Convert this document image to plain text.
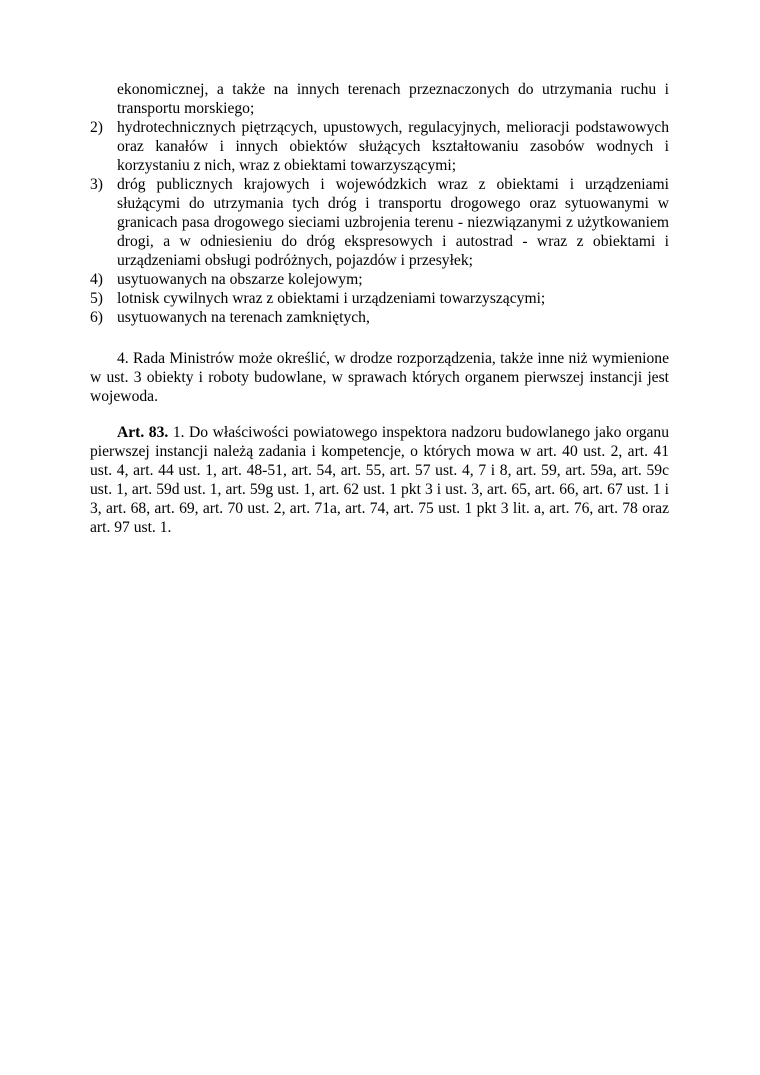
ekonomicznej, a także na innych terenach przeznaczonych do utrzymania ruchu i transportu morskiego;
2) hydrotechnicznych piętrzących, upustowych, regulacyjnych, melioracji podstawowych oraz kanałów i innych obiektów służących kształtowaniu zasobów wodnych i korzystaniu z nich, wraz z obiektami towarzyszącymi;
3) dróg publicznych krajowych i wojewódzkich wraz z obiektami i urządzeniami służącymi do utrzymania tych dróg i transportu drogowego oraz sytuowanymi w granicach pasa drogowego sieciami uzbrojenia terenu - niezwiązanymi z użytkowaniem drogi, a w odniesieniu do dróg ekspresowych i autostrad - wraz z obiektami i urządzeniami obsługi podróżnych, pojazdów i przesyłek;
4) usytuowanych na obszarze kolejowym;
5) lotnisk cywilnych wraz z obiektami i urządzeniami towarzyszącymi;
6) usytuowanych na terenach zamkniętych,

4. Rada Ministrów może określić, w drodze rozporządzenia, także inne niż wymienione w ust. 3 obiekty i roboty budowlane, w sprawach których organem pierwszej instancji jest wojewoda.

Art. 83. 1. Do właściwości powiatowego inspektora nadzoru budowlanego jako organu pierwszej instancji należą zadania i kompetencje, o których mowa w art. 40 ust. 2, art. 41 ust. 4, art. 44 ust. 1, art. 48-51, art. 54, art. 55, art. 57 ust. 4, 7 i 8, art. 59, art. 59a, art. 59c ust. 1, art. 59d ust. 1, art. 59g ust. 1, art. 62 ust. 1 pkt 3 i ust. 3, art. 65, art. 66, art. 67 ust. 1 i 3, art. 68, art. 69, art. 70 ust. 2, art. 71a, art. 74, art. 75 ust. 1 pkt 3 lit. a, art. 76, art. 78 oraz art. 97 ust. 1.
